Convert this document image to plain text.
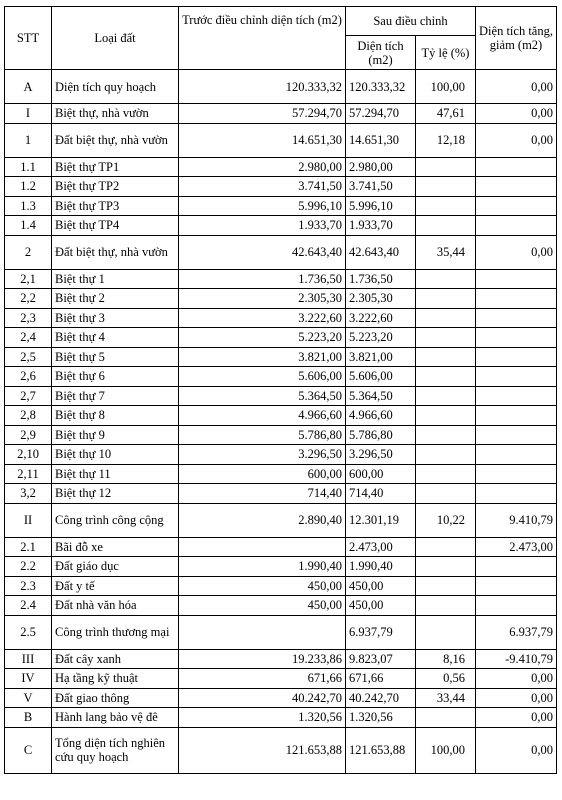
STT	Loại đất	Trước điều chỉnh diện tích (m2)	Sau điều chỉnh		Diện tích tăng, giảm (m2)
			Diện tích (m2)	Tỷ lệ (%)	
A	Diện tích quy hoạch	120.333,32	120.333,32	100,00	0,00
I	Biệt thự, nhà vườn	57.294,70	57.294,70	47,61	0,00
1	Đất biệt thự, nhà vườn	14.651,30	14.651,30	12,18	0,00
1.1	Biệt thự TP1	2.980,00	2.980,00		
1.2	Biệt thự TP2	3.741,50	3.741,50		
1.3	Biệt thự TP3	5.996,10	5.996,10		
1.4	Biệt thự TP4	1.933,70	1.933,70		
2	Đất biệt thự, nhà vườn	42.643,40	42.643,40	35,44	0,00
2,1	Biệt thự 1	1.736,50	1.736,50		
2,2	Biệt thự 2	2.305,30	2.305,30		
2,3	Biệt thự 3	3.222,60	3.222,60		
2,4	Biệt thự 4	5.223,20	5.223,20		
2,5	Biệt thự 5	3.821,00	3.821,00		
2,6	Biệt thự 6	5.606,00	5.606,00		
2,7	Biệt thự 7	5.364,50	5.364,50		
2,8	Biệt thự 8	4.966,60	4.966,60		
2,9	Biệt thự 9	5.786,80	5.786,80		
2,10	Biệt thự 10	3.296,50	3.296,50		
2,11	Biệt thự 11	600,00	600,00		
3,2	Biệt thự 12	714,40	714,40		
II	Công trình công cộng	2.890,40	12.301,19	10,22	9.410,79
2.1	Bãi đỗ xe		2.473,00		2.473,00
2.2	Đất giáo dục	1.990,40	1.990,40		
2.3	Đất y tế	450,00	450,00		
2.4	Đất nhà văn hóa	450,00	450,00		
2.5	Công trình thương mại		6.937,79		6.937,79
III	Đất cây xanh	19.233,86	9.823,07	8,16	-9.410,79
IV	Hạ tầng kỹ thuật	671,66	671,66	0,56	0,00
V	Đất giao thông	40.242,70	40.242,70	33,44	0,00
B	Hành lang bảo vệ đê	1.320,56	1.320,56		0,00
C	Tổng diện tích nghiên cứu quy hoạch	121.653,88	121.653,88	100,00	0,00
